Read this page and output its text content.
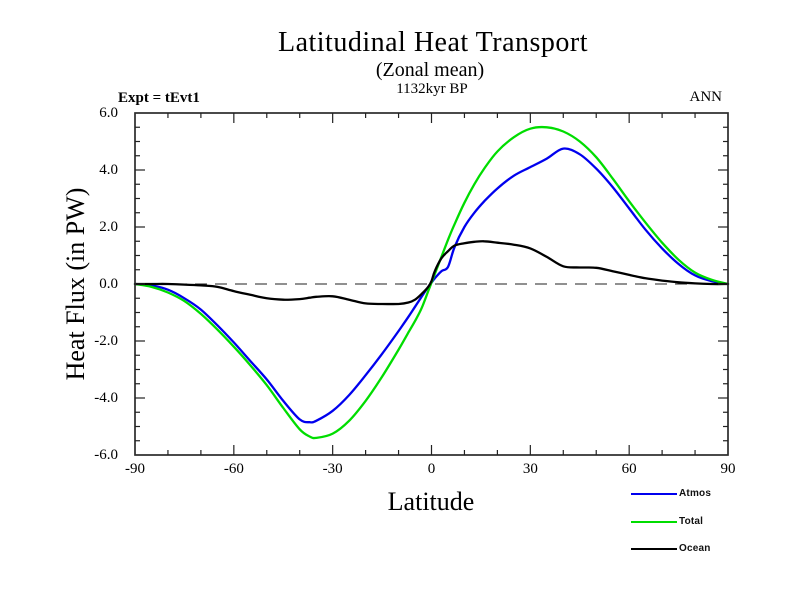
Latitudinal Heat Transport
(Zonal mean)
1132kyr BP
Expt = tEvt1	ANN
Heat Flux (in PW)
Latitude
-90	-60	-30	0	30	60	90
6.0
4.0
2.0
0.0
-2.0
-4.0
-6.0
Atmos
Total
Ocean
